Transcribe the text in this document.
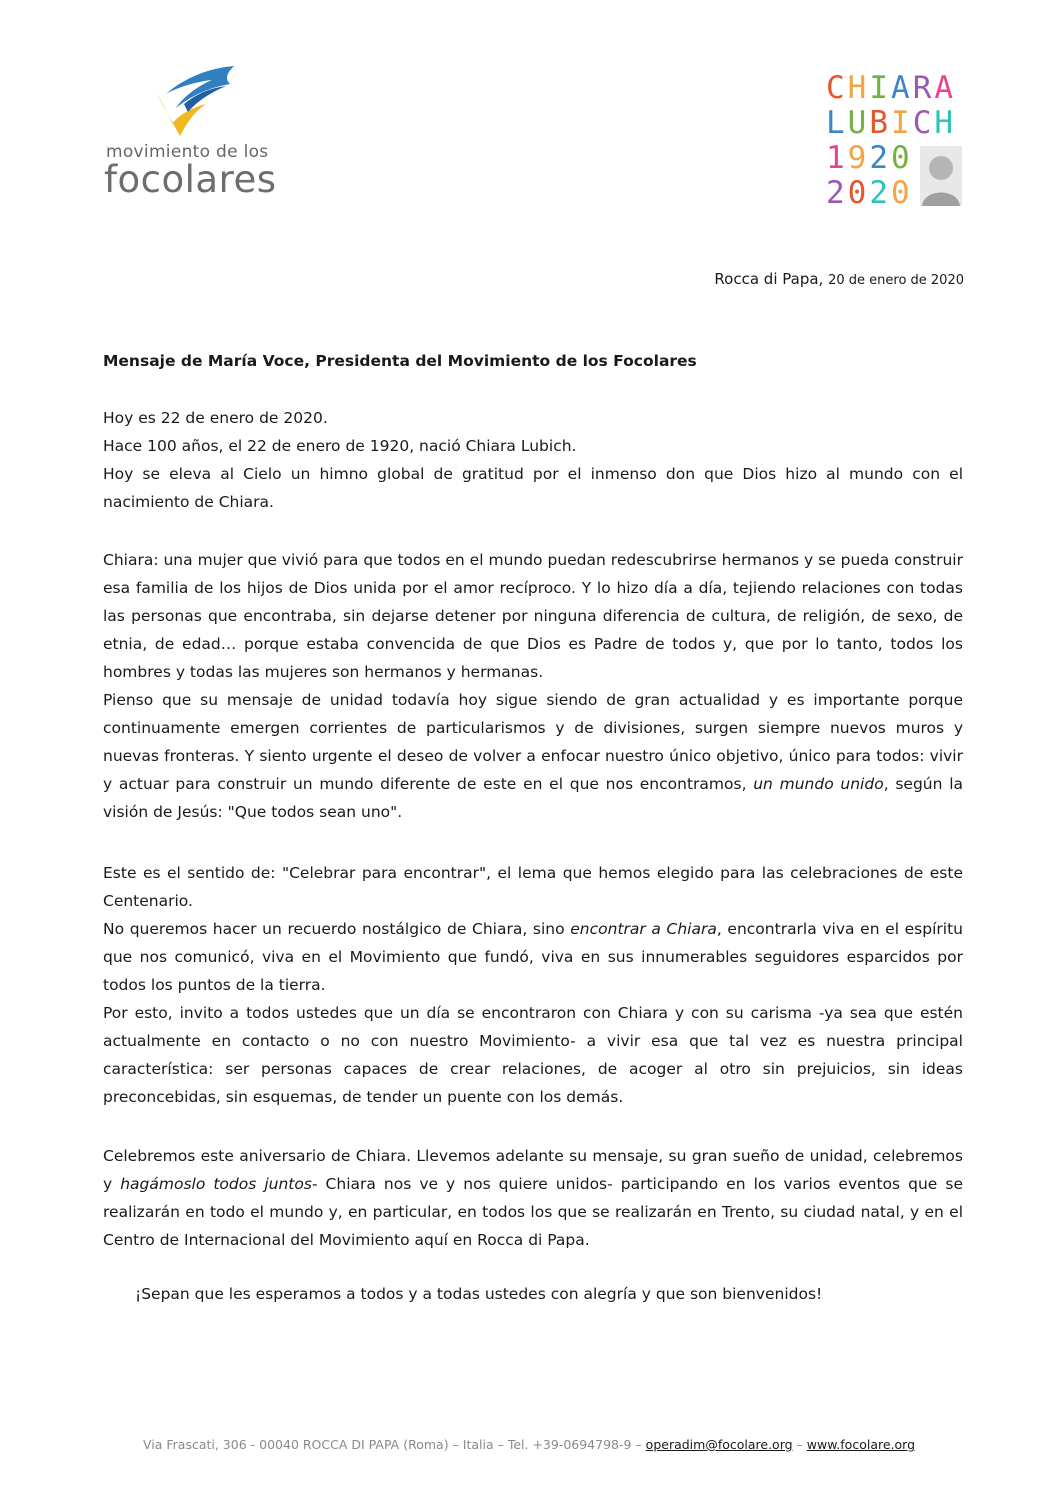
movimiento de los
focolares
CHIARA
LUBICH
1920
2020
Rocca di Papa, 20 de enero de 2020
Mensaje de María Voce, Presidenta del Movimiento de los Focolares

Hoy es 22 de enero de 2020.

Hace 100 años, el 22 de enero de 1920, nació Chiara Lubich.

Hoy se eleva al Cielo un himno global de gratitud por el inmenso don que Dios hizo al mundo con el nacimiento de Chiara.

Chiara: una mujer que vivió para que todos en el mundo puedan redescubrirse hermanos y se pueda construir esa familia de los hijos de Dios unida por el amor recíproco. Y lo hizo día a día, tejiendo relaciones con todas las personas que encontraba, sin dejarse detener por ninguna diferencia de cultura, de religión, de sexo, de etnia, de edad… porque estaba convencida de que Dios es Padre de todos y, que por lo tanto, todos los hombres y todas las mujeres son hermanos y hermanas.

Pienso que su mensaje de unidad todavía hoy sigue siendo de gran actualidad y es importante porque continuamente emergen corrientes de particularismos y de divisiones, surgen siempre nuevos muros y nuevas fronteras. Y siento urgente el deseo de volver a enfocar nuestro único objetivo, único para todos: vivir y actuar para construir un mundo diferente de este en el que nos encontramos, un mundo unido, según la visión de Jesús: "Que todos sean uno".

Este es el sentido de: "Celebrar para encontrar", el lema que hemos elegido para las celebraciones de este Centenario.

No queremos hacer un recuerdo nostálgico de Chiara, sino encontrar a Chiara, encontrarla viva en el espíritu que nos comunicó, viva en el Movimiento que fundó, viva en sus innumerables seguidores esparcidos por todos los puntos de la tierra.

Por esto, invito a todos ustedes que un día se encontraron con Chiara y con su carisma -ya sea que estén actualmente en contacto o no con nuestro Movimiento- a vivir esa que tal vez es nuestra principal característica: ser personas capaces de crear relaciones, de acoger al otro sin prejuicios, sin ideas preconcebidas, sin esquemas, de tender un puente con los demás.

Celebremos este aniversario de Chiara. Llevemos adelante su mensaje, su gran sueño de unidad, celebremos y hagámoslo todos juntos- Chiara nos ve y nos quiere unidos- participando en los varios eventos que se realizarán en todo el mundo y, en particular, en todos los que se realizarán en Trento, su ciudad natal, y en el Centro de Internacional del Movimiento aquí en Rocca di Papa.

¡Sepan que les esperamos a todos y a todas ustedes con alegría y que son bienvenidos!
Via Frascati, 306 - 00040 ROCCA DI PAPA (Roma) – Italia – Tel. +39-0694798-9 – operadim@focolare.org – www.focolare.org
